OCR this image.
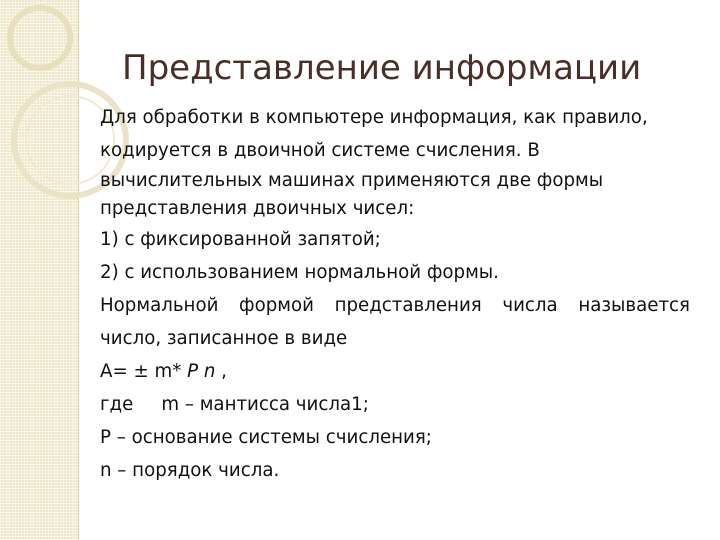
Представление информации
Для обработки в компьютере информация, как правило,
кодируется в двоичной системе счисления. В
вычислительных машинах применяются две формы
представления двоичных чисел:
1) с фиксированной запятой;
2) с использованием нормальной формы.
Нормальной формой представления числа называется
число, записанное в виде
А= ± m* P n ,
где m – мантисса числа1;
P – основание системы счисления;
n – порядок числа.
